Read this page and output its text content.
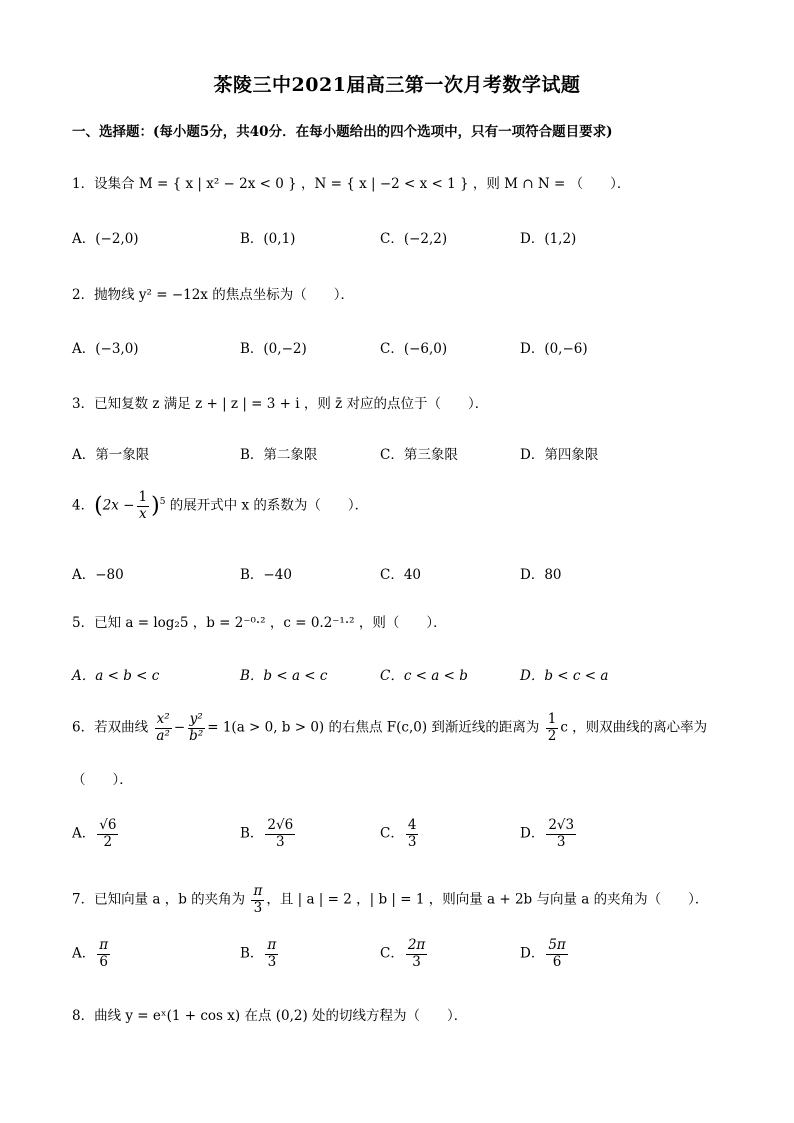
茶陵三中2021届高三第一次月考数学试题
一、选择题：(每小题5分，共40分．在每小题给出的四个选项中，只有一项符合题目要求)
1．设集合 M = { x | x² − 2x < 0 } ，N = { x | −2 < x < 1 } ，则 M ∩ N = （　　）．
A．(−2,0)	B．(0,1)	C．(−2,2)	D．(1,2)
2．抛物线 y² = −12x 的焦点坐标为（　　）．
A．(−3,0)	B．(0,−2)	C．(−6,0)	D．(0,−6)
3．已知复数 z 满足 z + | z | = 3 + i ，则 z̄ 对应的点位于（　　）．
A．第一象限	B．第二象限	C．第三象限	D．第四象限
4．$(2x - \frac{1}{x} )^5$ 的展开式中 x 的系数为（　　）．
A．−80	B．−40	C．40	D．80
5．已知 a = log₂5 ，b = 2⁻⁰·² ，c = 0.2⁻¹·² ，则（　　）．
A．a < b < c	B．b < a < c	C．c < a < b	D．b < c < a
6．若双曲线 $\frac{\text{x²}}{\text{a²}} - \frac{\text{y²}}{\text{b²}} = 1(a > 0$, b > 0) 的右焦点 F(c,0) 到渐近线的距离为 $\frac{1}{2}$ c ，则双曲线的离心率为
（　　）．
A． $\frac{√6}{2}$	B． $\frac{2√6}{3}$	C． $\frac{4}{3}$	D． $\frac{2√3}{3}$
7．已知向量 a ，b 的夹角为 $\frac{\pi}{3}$ ，且 | a | = 2 ，| b | = 1 ，则向量 a + 2b 与向量 a 的夹角为（　　）．
A． $\frac{\pi}{6}$	B． $\frac{\pi}{3}$	C． $\frac{2\pi}{3}$	D． $\frac{5\pi}{6}$
8．曲线 y = eˣ(1 + cos x) 在点 (0,2) 处的切线方程为（　　）．
